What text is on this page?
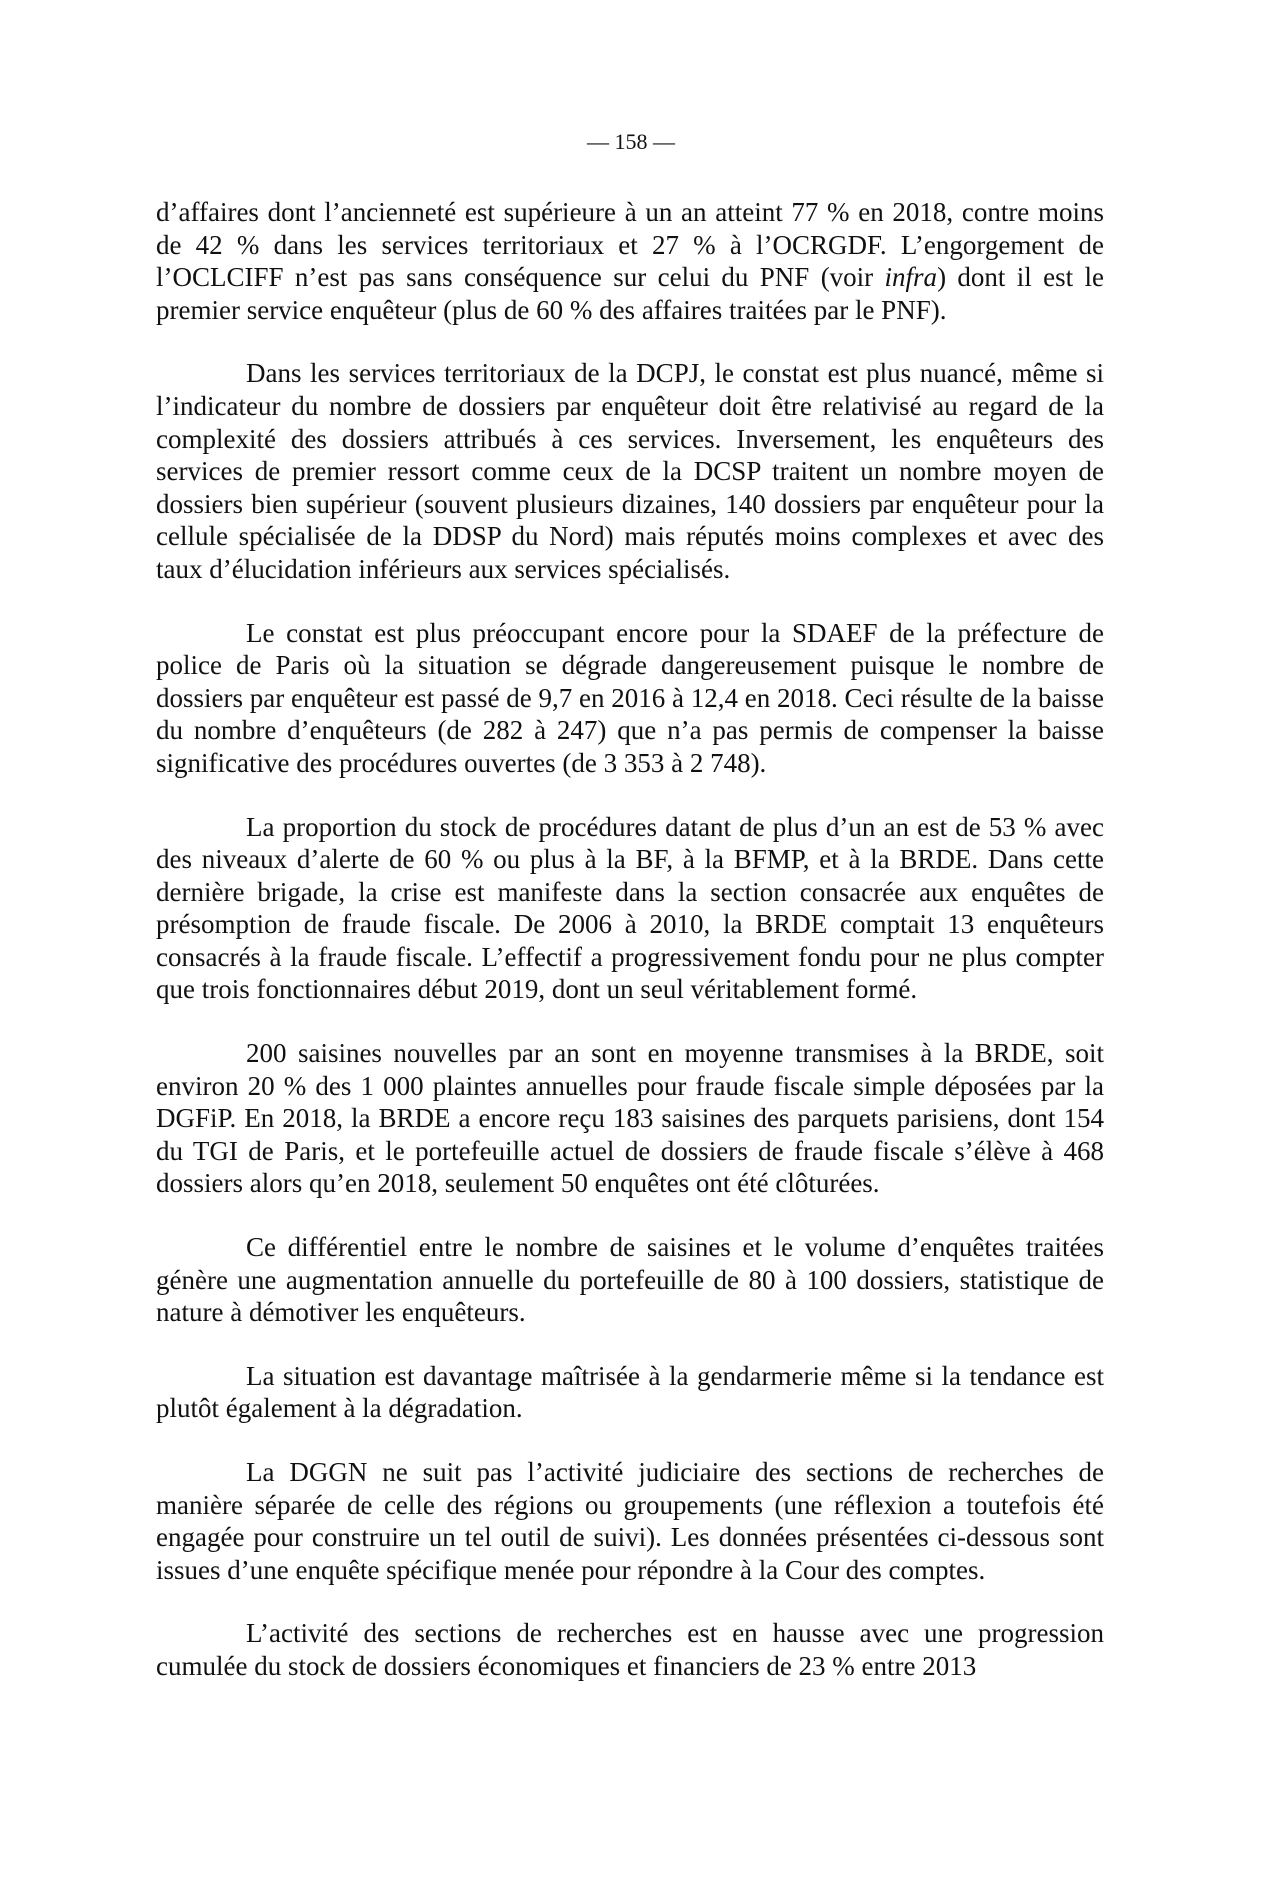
— 158 —

d’affaires dont l’ancienneté est supérieure à un an atteint 77 % en 2018, contre moins de 42 % dans les services territoriaux et 27 % à l’OCRGDF. L’engorgement de l’OCLCIFF n’est pas sans conséquence sur celui du PNF (voir infra) dont il est le premier service enquêteur (plus de 60 % des affaires traitées par le PNF).

Dans les services territoriaux de la DCPJ, le constat est plus nuancé, même si l’indicateur du nombre de dossiers par enquêteur doit être relativisé au regard de la complexité des dossiers attribués à ces services. Inversement, les enquêteurs des services de premier ressort comme ceux de la DCSP traitent un nombre moyen de dossiers bien supérieur (souvent plusieurs dizaines, 140 dossiers par enquêteur pour la cellule spécialisée de la DDSP du Nord) mais réputés moins complexes et avec des taux d’élucidation inférieurs aux services spécialisés.

Le constat est plus préoccupant encore pour la SDAEF de la préfecture de police de Paris où la situation se dégrade dangereusement puisque le nombre de dossiers par enquêteur est passé de 9,7 en 2016 à 12,4 en 2018. Ceci résulte de la baisse du nombre d’enquêteurs (de 282 à 247) que n’a pas permis de compenser la baisse significative des procédures ouvertes (de 3 353 à 2 748).

La proportion du stock de procédures datant de plus d’un an est de 53 % avec des niveaux d’alerte de 60 % ou plus à la BF, à la BFMP, et à la BRDE. Dans cette dernière brigade, la crise est manifeste dans la section consacrée aux enquêtes de présomption de fraude fiscale. De 2006 à 2010, la BRDE comptait 13 enquêteurs consacrés à la fraude fiscale. L’effectif a progressivement fondu pour ne plus compter que trois fonctionnaires début 2019, dont un seul véritablement formé.

200 saisines nouvelles par an sont en moyenne transmises à la BRDE, soit environ 20 % des 1 000 plaintes annuelles pour fraude fiscale simple déposées par la DGFiP. En 2018, la BRDE a encore reçu 183 saisines des parquets parisiens, dont 154 du TGI de Paris, et le portefeuille actuel de dossiers de fraude fiscale s’élève à 468 dossiers alors qu’en 2018, seulement 50 enquêtes ont été clôturées.

Ce différentiel entre le nombre de saisines et le volume d’enquêtes traitées génère une augmentation annuelle du portefeuille de 80 à 100 dossiers, statistique de nature à démotiver les enquêteurs.

La situation est davantage maîtrisée à la gendarmerie même si la tendance est plutôt également à la dégradation.

La DGGN ne suit pas l’activité judiciaire des sections de recherches de manière séparée de celle des régions ou groupements (une réflexion a toutefois été engagée pour construire un tel outil de suivi). Les données présentées ci-dessous sont issues d’une enquête spécifique menée pour répondre à la Cour des comptes.

L’activité des sections de recherches est en hausse avec une progression cumulée du stock de dossiers économiques et financiers de 23 % entre 2013
